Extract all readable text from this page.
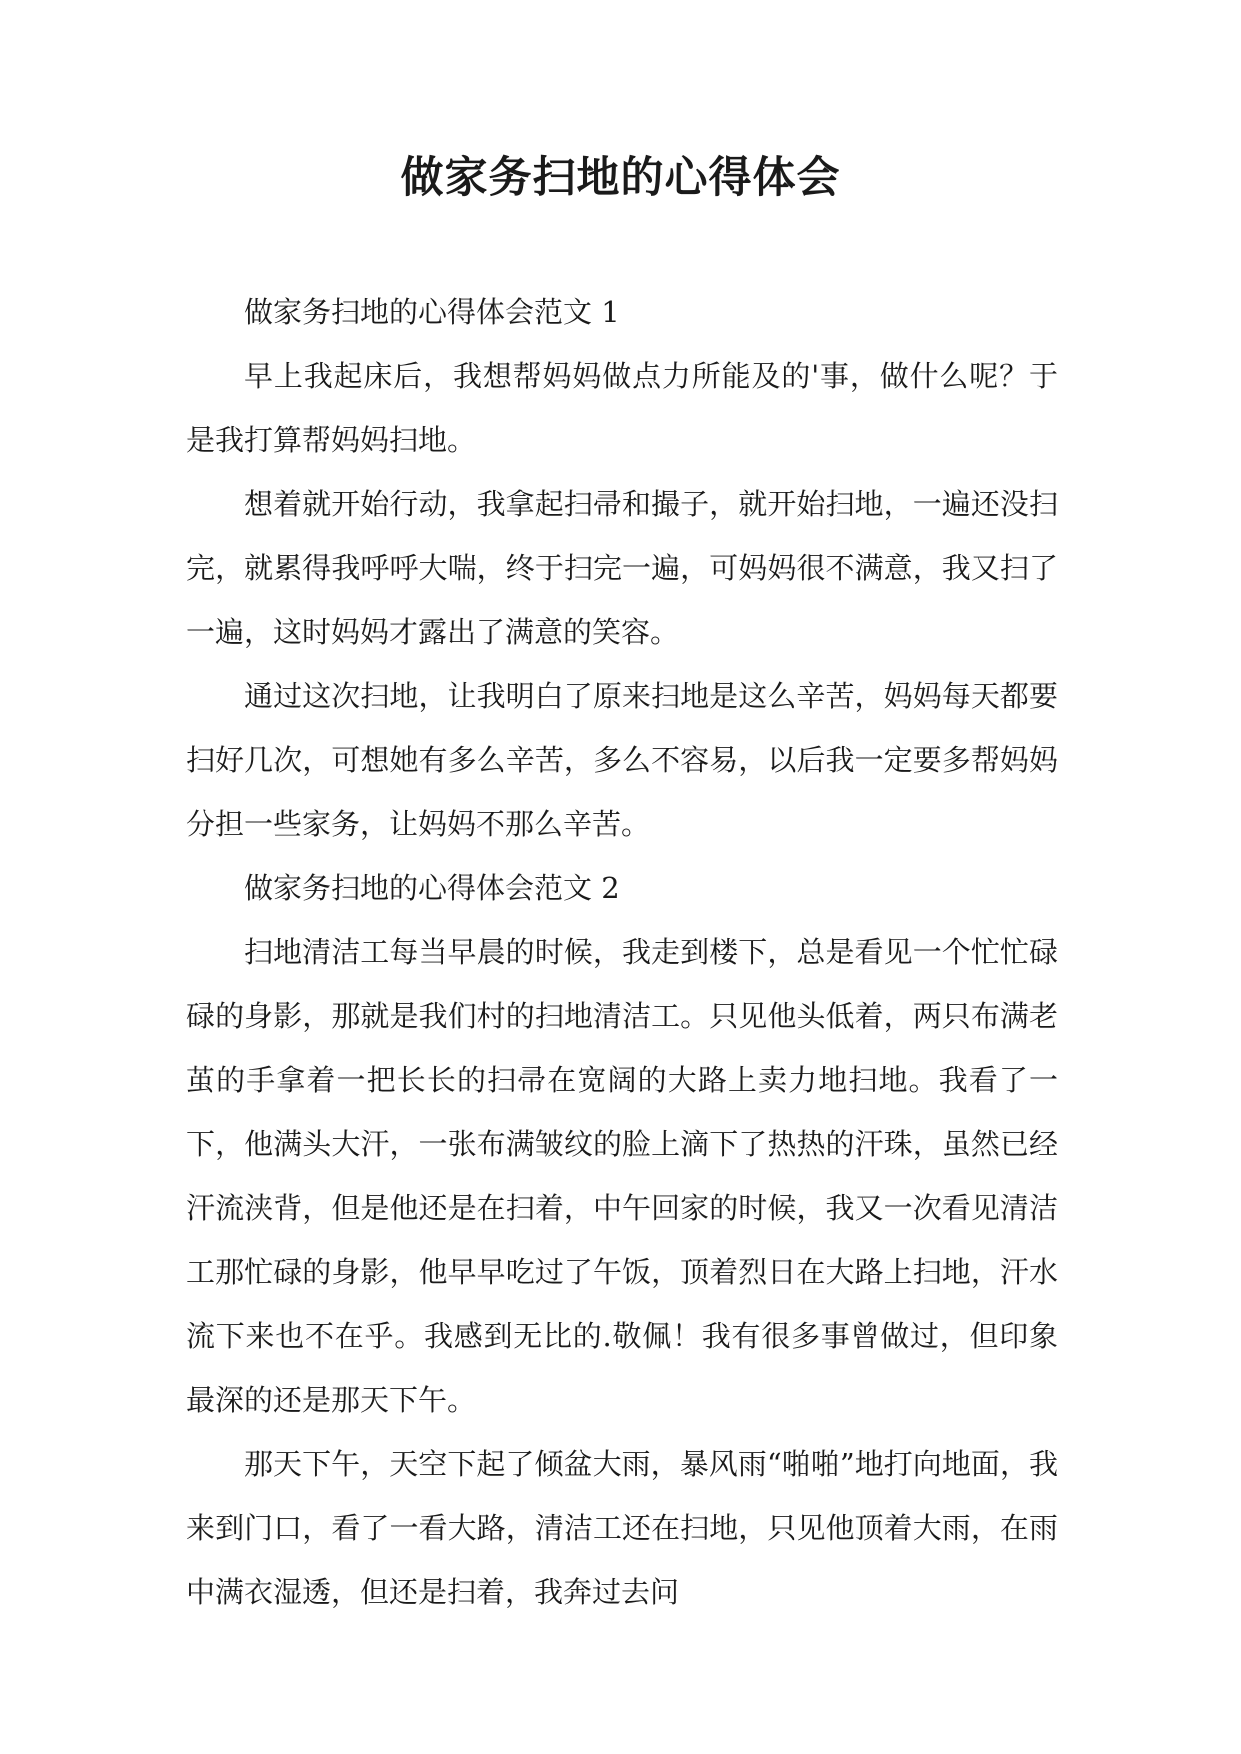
做家务扫地的心得体会

做家务扫地的心得体会范文 1

早上我起床后，我想帮妈妈做点力所能及的'事，做什么呢？于是我打算帮妈妈扫地。

想着就开始行动，我拿起扫帚和撮子，就开始扫地，一遍还没扫完，就累得我呼呼大喘，终于扫完一遍，可妈妈很不满意，我又扫了一遍，这时妈妈才露出了满意的笑容。

通过这次扫地，让我明白了原来扫地是这么辛苦，妈妈每天都要扫好几次，可想她有多么辛苦，多么不容易，以后我一定要多帮妈妈分担一些家务，让妈妈不那么辛苦。

做家务扫地的心得体会范文 2

扫地清洁工每当早晨的时候，我走到楼下，总是看见一个忙忙碌碌的身影，那就是我们村的扫地清洁工。只见他头低着，两只布满老茧的手拿着一把长长的扫帚在宽阔的大路上卖力地扫地。我看了一下，他满头大汗，一张布满皱纹的脸上滴下了热热的汗珠，虽然已经汗流浃背，但是他还是在扫着，中午回家的时候，我又一次看见清洁工那忙碌的身影，他早早吃过了午饭，顶着烈日在大路上扫地，汗水流下来也不在乎。我感到无比的.敬佩！我有很多事曾做过，但印象最深的还是那天下午。

那天下午，天空下起了倾盆大雨，暴风雨“啪啪”地打向地面，我来到门口，看了一看大路，清洁工还在扫地，只见他顶着大雨，在雨中满衣湿透，但还是扫着，我奔过去问
